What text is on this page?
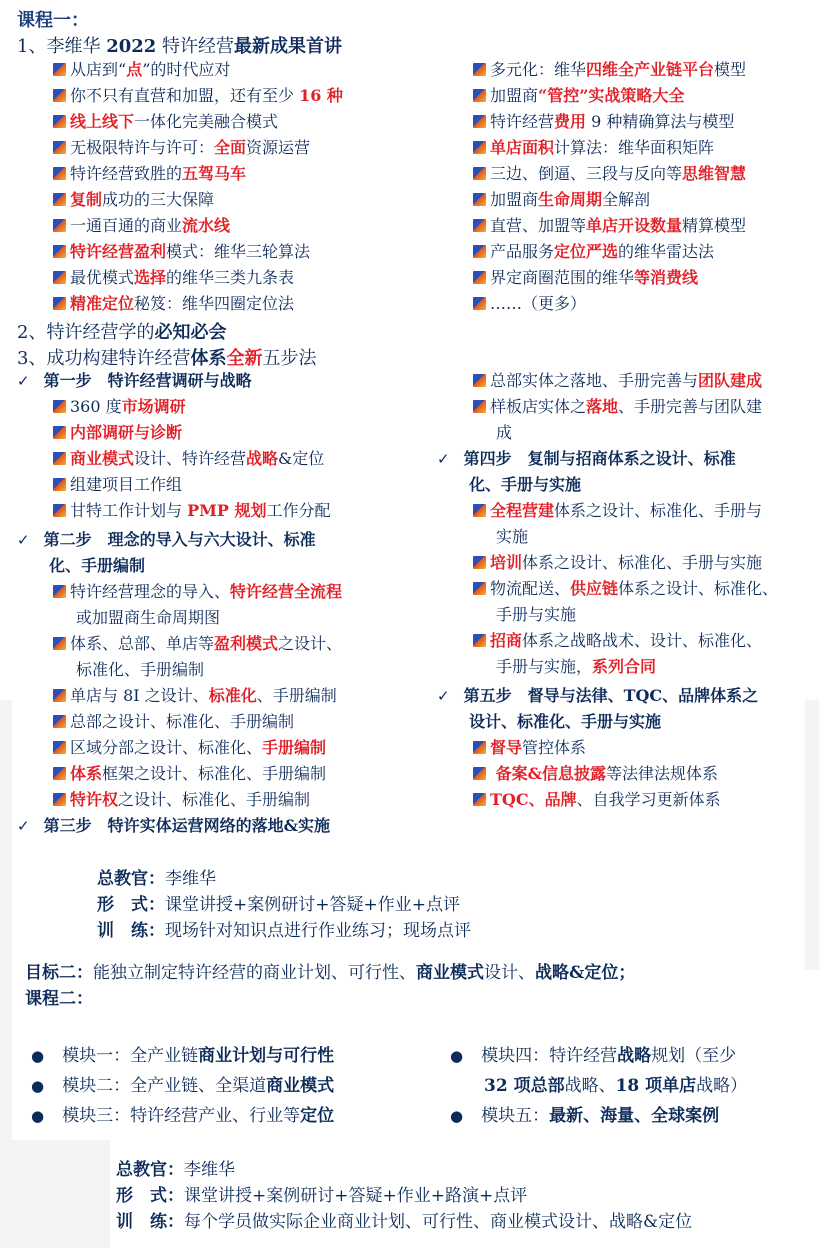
课程一：
1、李维华 2022 特许经营最新成果首讲
从店到“点”的时代应对
你不只有直营和加盟，还有至少 16 种
线上线下一体化完美融合模式
无极限特许与许可：全面资源运营
特许经营致胜的五驾马车
复制成功的三大保障
一通百通的商业流水线
特许经营盈利模式：维华三轮算法
最优模式选择的维华三类九条表
精准定位秘笈：维华四圈定位法
多元化：维华四维全产业链平台模型
加盟商“管控”实战策略大全
特许经营费用 9 种精确算法与模型
单店面积计算法：维华面积矩阵
三边、倒逼、三段与反向等思维智慧
加盟商生命周期全解剖
直营、加盟等单店开设数量精算模型
产品服务定位严选的维华雷达法
界定商圈范围的维华等消费线
……（更多）
2、特许经营学的必知必会
3、成功构建特许经营体系全新五步法
✓ 第一步　特许经营调研与战略
360 度市场调研
内部调研与诊断
商业模式设计、特许经营战略&定位
组建项目工作组
甘特工作计划与 PMP 规划工作分配
✓ 第二步　理念的导入与六大设计、标准
化、手册编制
特许经营理念的导入、特许经营全流程
或加盟商生命周期图
体系、总部、单店等盈利模式之设计、
标准化、手册编制
单店与 8I 之设计、标准化、手册编制
总部之设计、标准化、手册编制
区域分部之设计、标准化、手册编制
体系框架之设计、标准化、手册编制
特许权之设计、标准化、手册编制
✓ 第三步　特许实体运营网络的落地&实施
总部实体之落地、手册完善与团队建成
样板店实体之落地、手册完善与团队建
成
✓ 第四步　复制与招商体系之设计、标准
化、手册与实施
全程营建体系之设计、标准化、手册与
实施
培训体系之设计、标准化、手册与实施
物流配送、供应链体系之设计、标准化、
手册与实施
招商体系之战略战术、设计、标准化、
手册与实施，系列合同
✓ 第五步　督导与法律、TQC、品牌体系之
设计、标准化、手册与实施
督导管控体系
备案&信息披露等法律法规体系
TQC、品牌、自我学习更新体系
总教官：李维华
形　式：课堂讲授+案例研讨+答疑+作业+点评
训　练：现场针对知识点进行作业练习；现场点评
目标二：能独立制定特许经营的商业计划、可行性、商业模式设计、战略&定位；
课程二：
● 模块一：全产业链商业计划与可行性
● 模块二：全产业链、全渠道商业模式
● 模块三：特许经营产业、行业等定位
● 模块四：特许经营战略规划（至少
32 项总部战略、18 项单店战略）
● 模块五：最新、海量、全球案例
总教官：李维华
形　式：课堂讲授+案例研讨+答疑+作业+路演+点评
训　练：每个学员做实际企业商业计划、可行性、商业模式设计、战略&定位
